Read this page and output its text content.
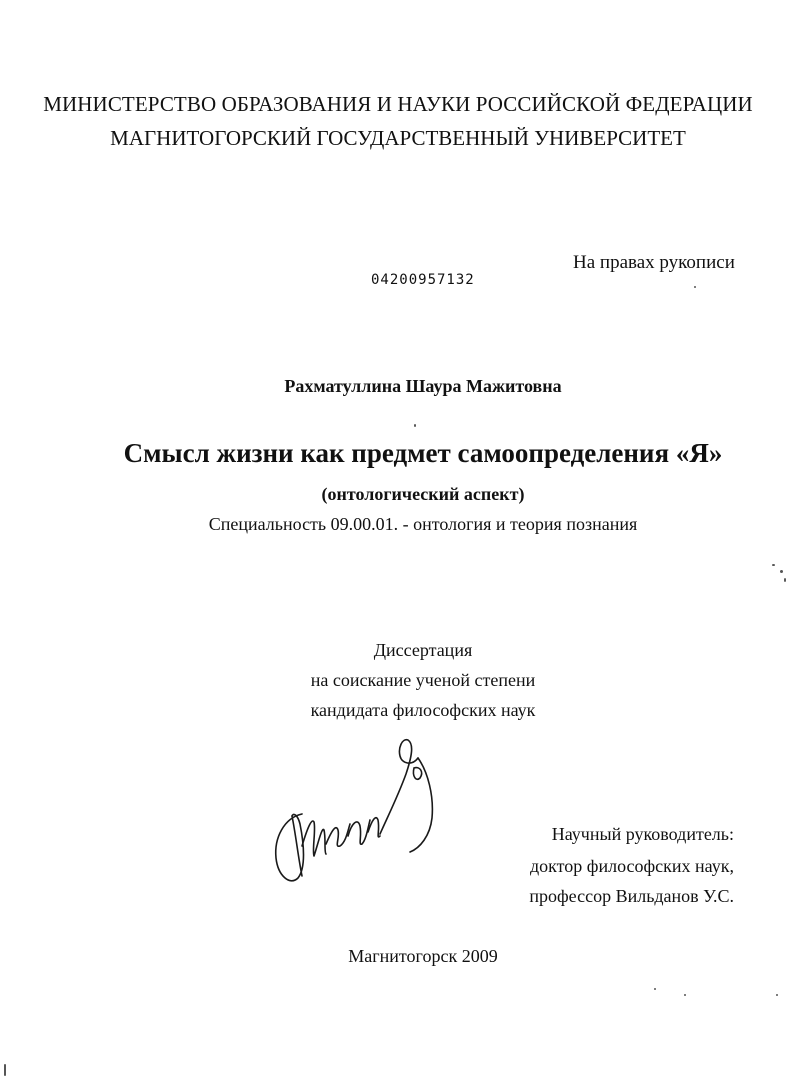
МИНИСТЕРСТВО ОБРАЗОВАНИЯ И НАУКИ РОССИЙСКОЙ ФЕДЕРАЦИИ
МАГНИТОГОРСКИЙ ГОСУДАРСТВЕННЫЙ УНИВЕРСИТЕТ
На правах рукописи
04200957132
Рахматуллина Шаура Мажитовна
Смысл жизни как предмет самоопределения «Я»
(онтологический аспект)
Специальность 09.00.01. - онтология и теория познания
Диссертация
на соискание ученой степени
кандидата философских наук
Научный руководитель:
доктор философских наук,
профессор Вильданов У.С.
Магнитогорск 2009
